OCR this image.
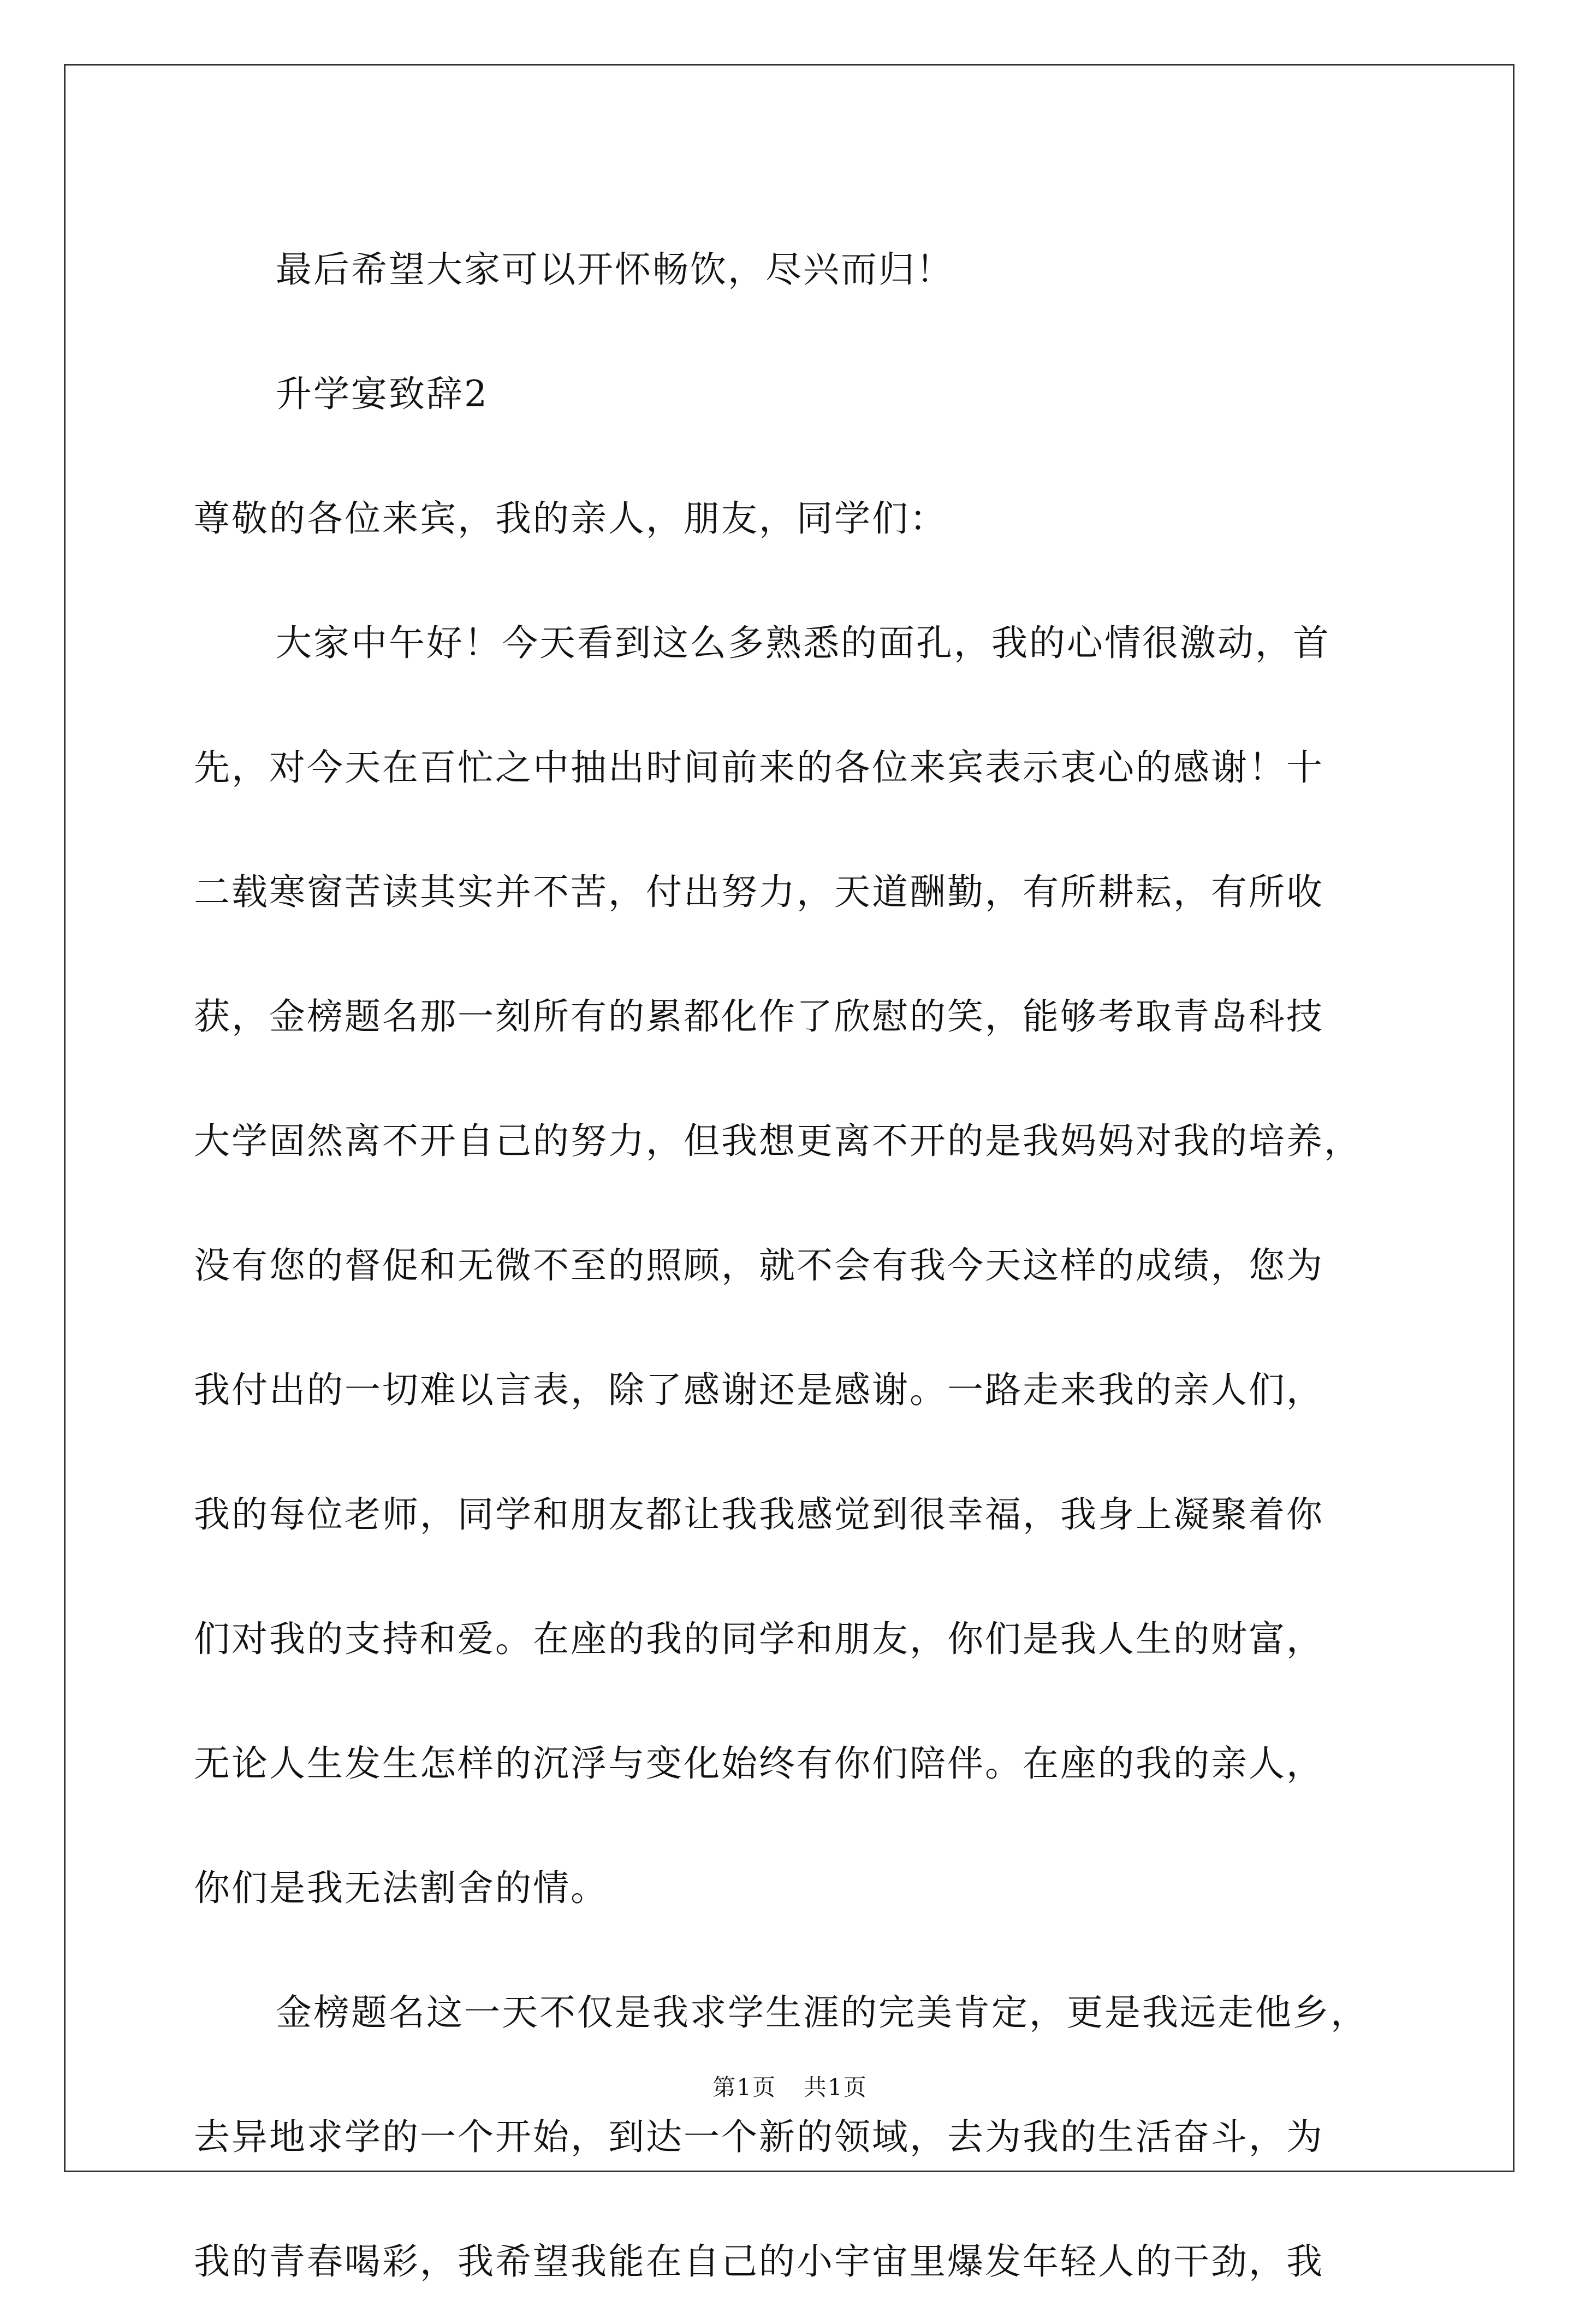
最后希望大家可以开怀畅饮，尽兴而归！
升学宴致辞2
尊敬的各位来宾，我的亲人，朋友，同学们：
大家中午好！今天看到这么多熟悉的面孔，我的心情很激动，首
先，对今天在百忙之中抽出时间前来的各位来宾表示衷心的感谢！十
二载寒窗苦读其实并不苦，付出努力，天道酬勤，有所耕耘，有所收
获，金榜题名那一刻所有的累都化作了欣慰的笑，能够考取青岛科技
大学固然离不开自己的努力，但我想更离不开的是我妈妈对我的培养，
没有您的督促和无微不至的照顾，就不会有我今天这样的成绩，您为
我付出的一切难以言表，除了感谢还是感谢。一路走来我的亲人们，
我的每位老师，同学和朋友都让我我感觉到很幸福，我身上凝聚着你
们对我的支持和爱。在座的我的同学和朋友，你们是我人生的财富，
无论人生发生怎样的沉浮与变化始终有你们陪伴。在座的我的亲人，
你们是我无法割舍的情。
金榜题名这一天不仅是我求学生涯的完美肯定，更是我远走他乡，
去异地求学的一个开始，到达一个新的领域，去为我的生活奋斗，为
我的青春喝彩，我希望我能在自己的小宇宙里爆发年轻人的干劲，我
第1页 共1页
